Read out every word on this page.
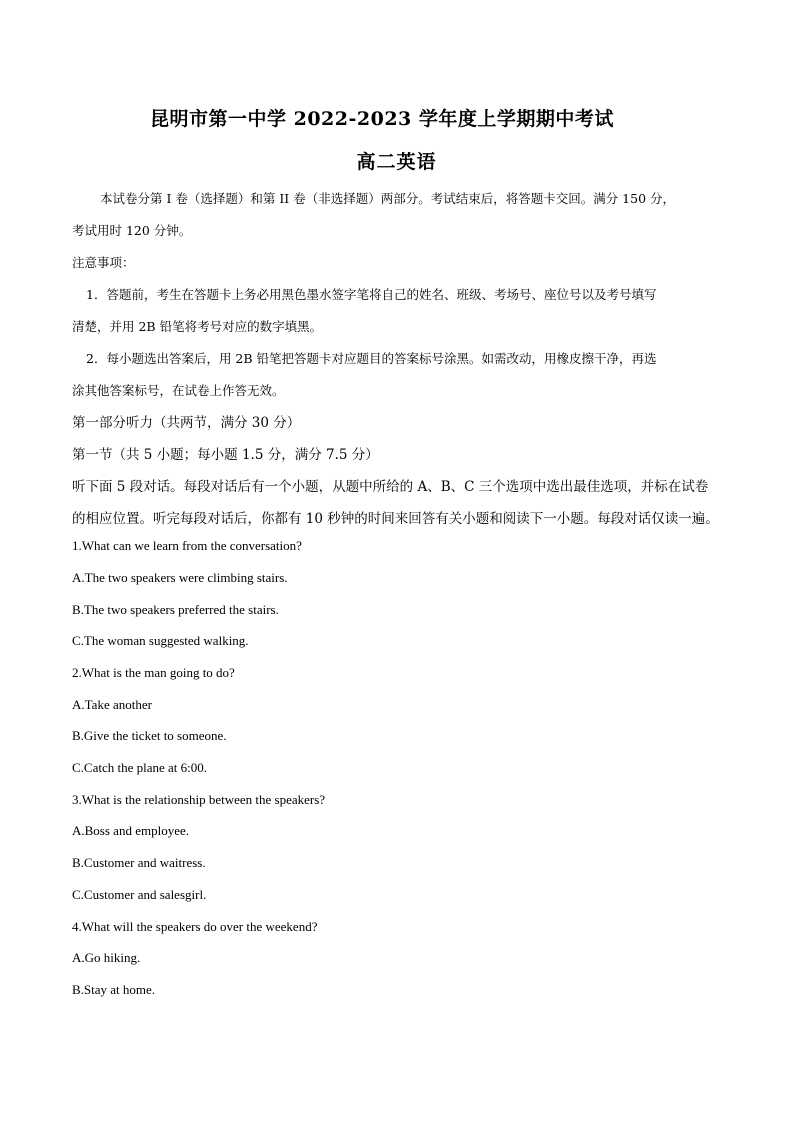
昆明市第一中学 2022-2023 学年度上学期期中考试
高二英语
本试卷分第 I 卷（选择题）和第 II 卷（非选择题）两部分。考试结束后，将答题卡交回。满分 150 分，
考试用时 120 分钟。
注意事项：
1．答题前，考生在答题卡上务必用黑色墨水签字笔将自己的姓名、班级、考场号、座位号以及考号填写
清楚，并用 2B 铅笔将考号对应的数字填黑。
2．每小题选出答案后，用 2B 铅笔把答题卡对应题目的答案标号涂黑。如需改动，用橡皮擦干净，再选
涂其他答案标号，在试卷上作答无效。
第一部分听力（共两节，满分 30 分）
第一节（共 5 小题；每小题 1.5 分，满分 7.5 分）
听下面 5 段对话。每段对话后有一个小题，从题中所给的 A、B、C 三个选项中选出最佳选项，并标在试卷
的相应位置。听完每段对话后，你都有 10 秒钟的时间来回答有关小题和阅读下一小题。每段对话仅读一遍。
1.What can we learn from the conversation?
A.The two speakers were climbing stairs.
B.The two speakers preferred the stairs.
C.The woman suggested walking.
2.What is the man going to do?
A.Take another
B.Give the ticket to someone.
C.Catch the plane at 6:00.
3.What is the relationship between the speakers?
A.Boss and employee.
B.Customer and waitress.
C.Customer and salesgirl.
4.What will the speakers do over the weekend?
A.Go hiking.
B.Stay at home.
